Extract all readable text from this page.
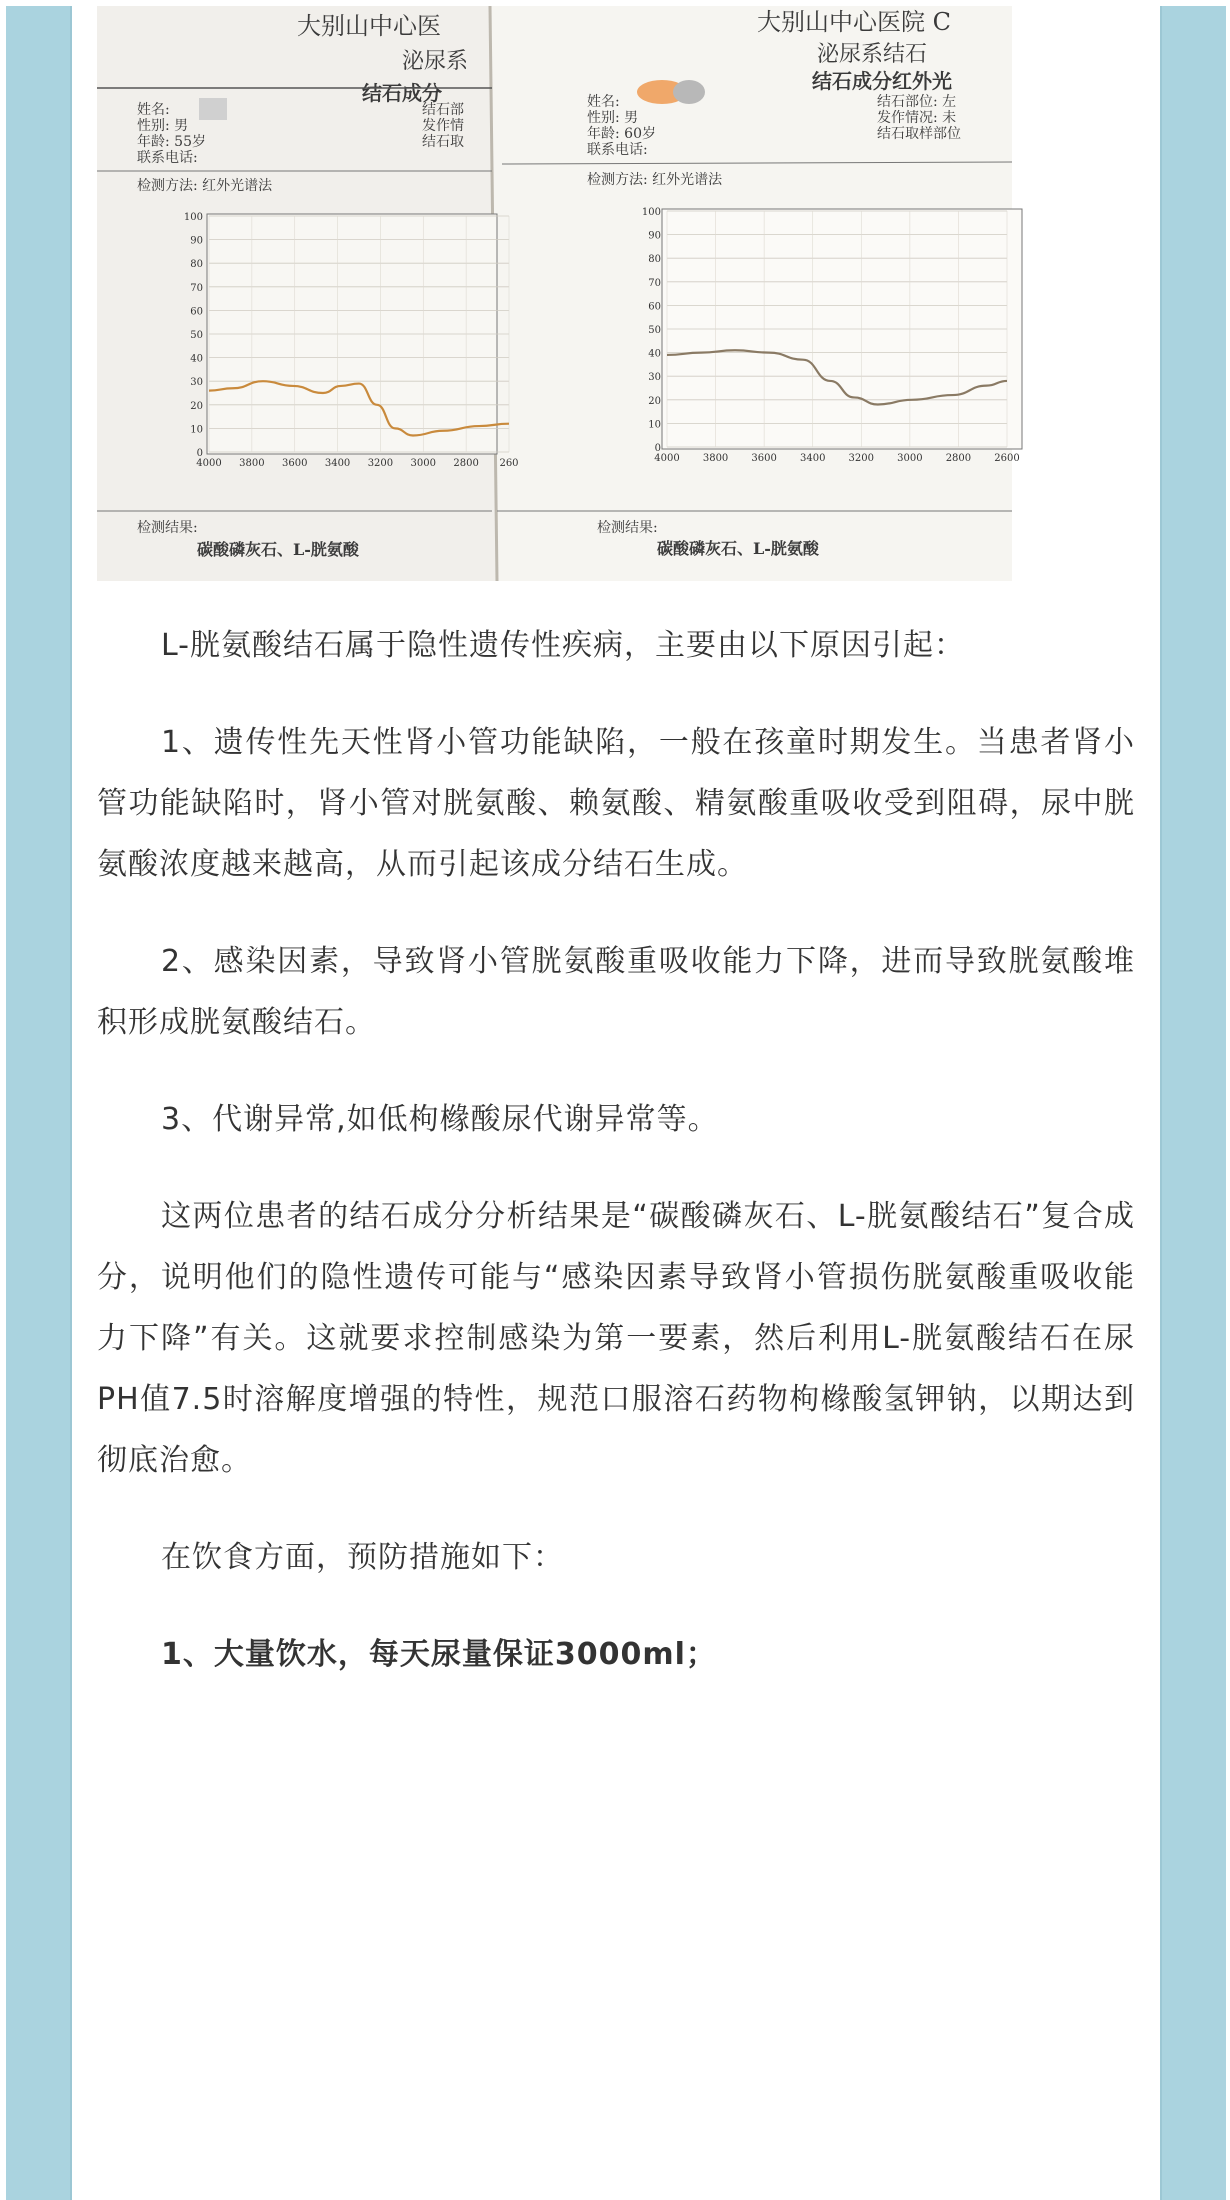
大别山中心医
泌尿系
结石成分
姓名:
性别: 男
年龄: 55岁
联系电话:
结石部
发作情
结石取
检测方法: 红外光谱法
100
90
80
70
60
50
40
30
20
10
0
4000 3800 3600 3400 3200 3000 2800 260
检测结果:
碳酸磷灰石、L-胱氨酸
大别山中心医院 C
泌尿系结石
结石成分红外光
姓名:
性别: 男
年龄: 60岁
联系电话:
结石部位: 左
发作情况: 未
结石取样部位
检测方法: 红外光谱法
100
90
80
70
60
50
40
30
20
10
0
4000 3800 3600 3400 3200 3000 2800 2600
检测结果:
碳酸磷灰石、L-胱氨酸

L-胱氨酸结石属于隐性遗传性疾病，主要由以下原因引起：

1、遗传性先天性肾小管功能缺陷，一般在孩童时期发生。当患者肾小管功能缺陷时，肾小管对胱氨酸、赖氨酸、精氨酸重吸收受到阻碍，尿中胱氨酸浓度越来越高，从而引起该成分结石生成。

2、感染因素，导致肾小管胱氨酸重吸收能力下降，进而导致胱氨酸堆积形成胱氨酸结石。

3、代谢异常,如低枸橼酸尿代谢异常等。

这两位患者的结石成分分析结果是“碳酸磷灰石、L-胱氨酸结石”复合成分，说明他们的隐性遗传可能与“感染因素导致肾小管损伤胱氨酸重吸收能力下降”有关。这就要求控制感染为第一要素，然后利用L-胱氨酸结石在尿PH值7.5时溶解度增强的特性，规范口服溶石药物枸橼酸氢钾钠，以期达到彻底治愈。

在饮食方面，预防措施如下：

1、大量饮水，每天尿量保证3000ml；
